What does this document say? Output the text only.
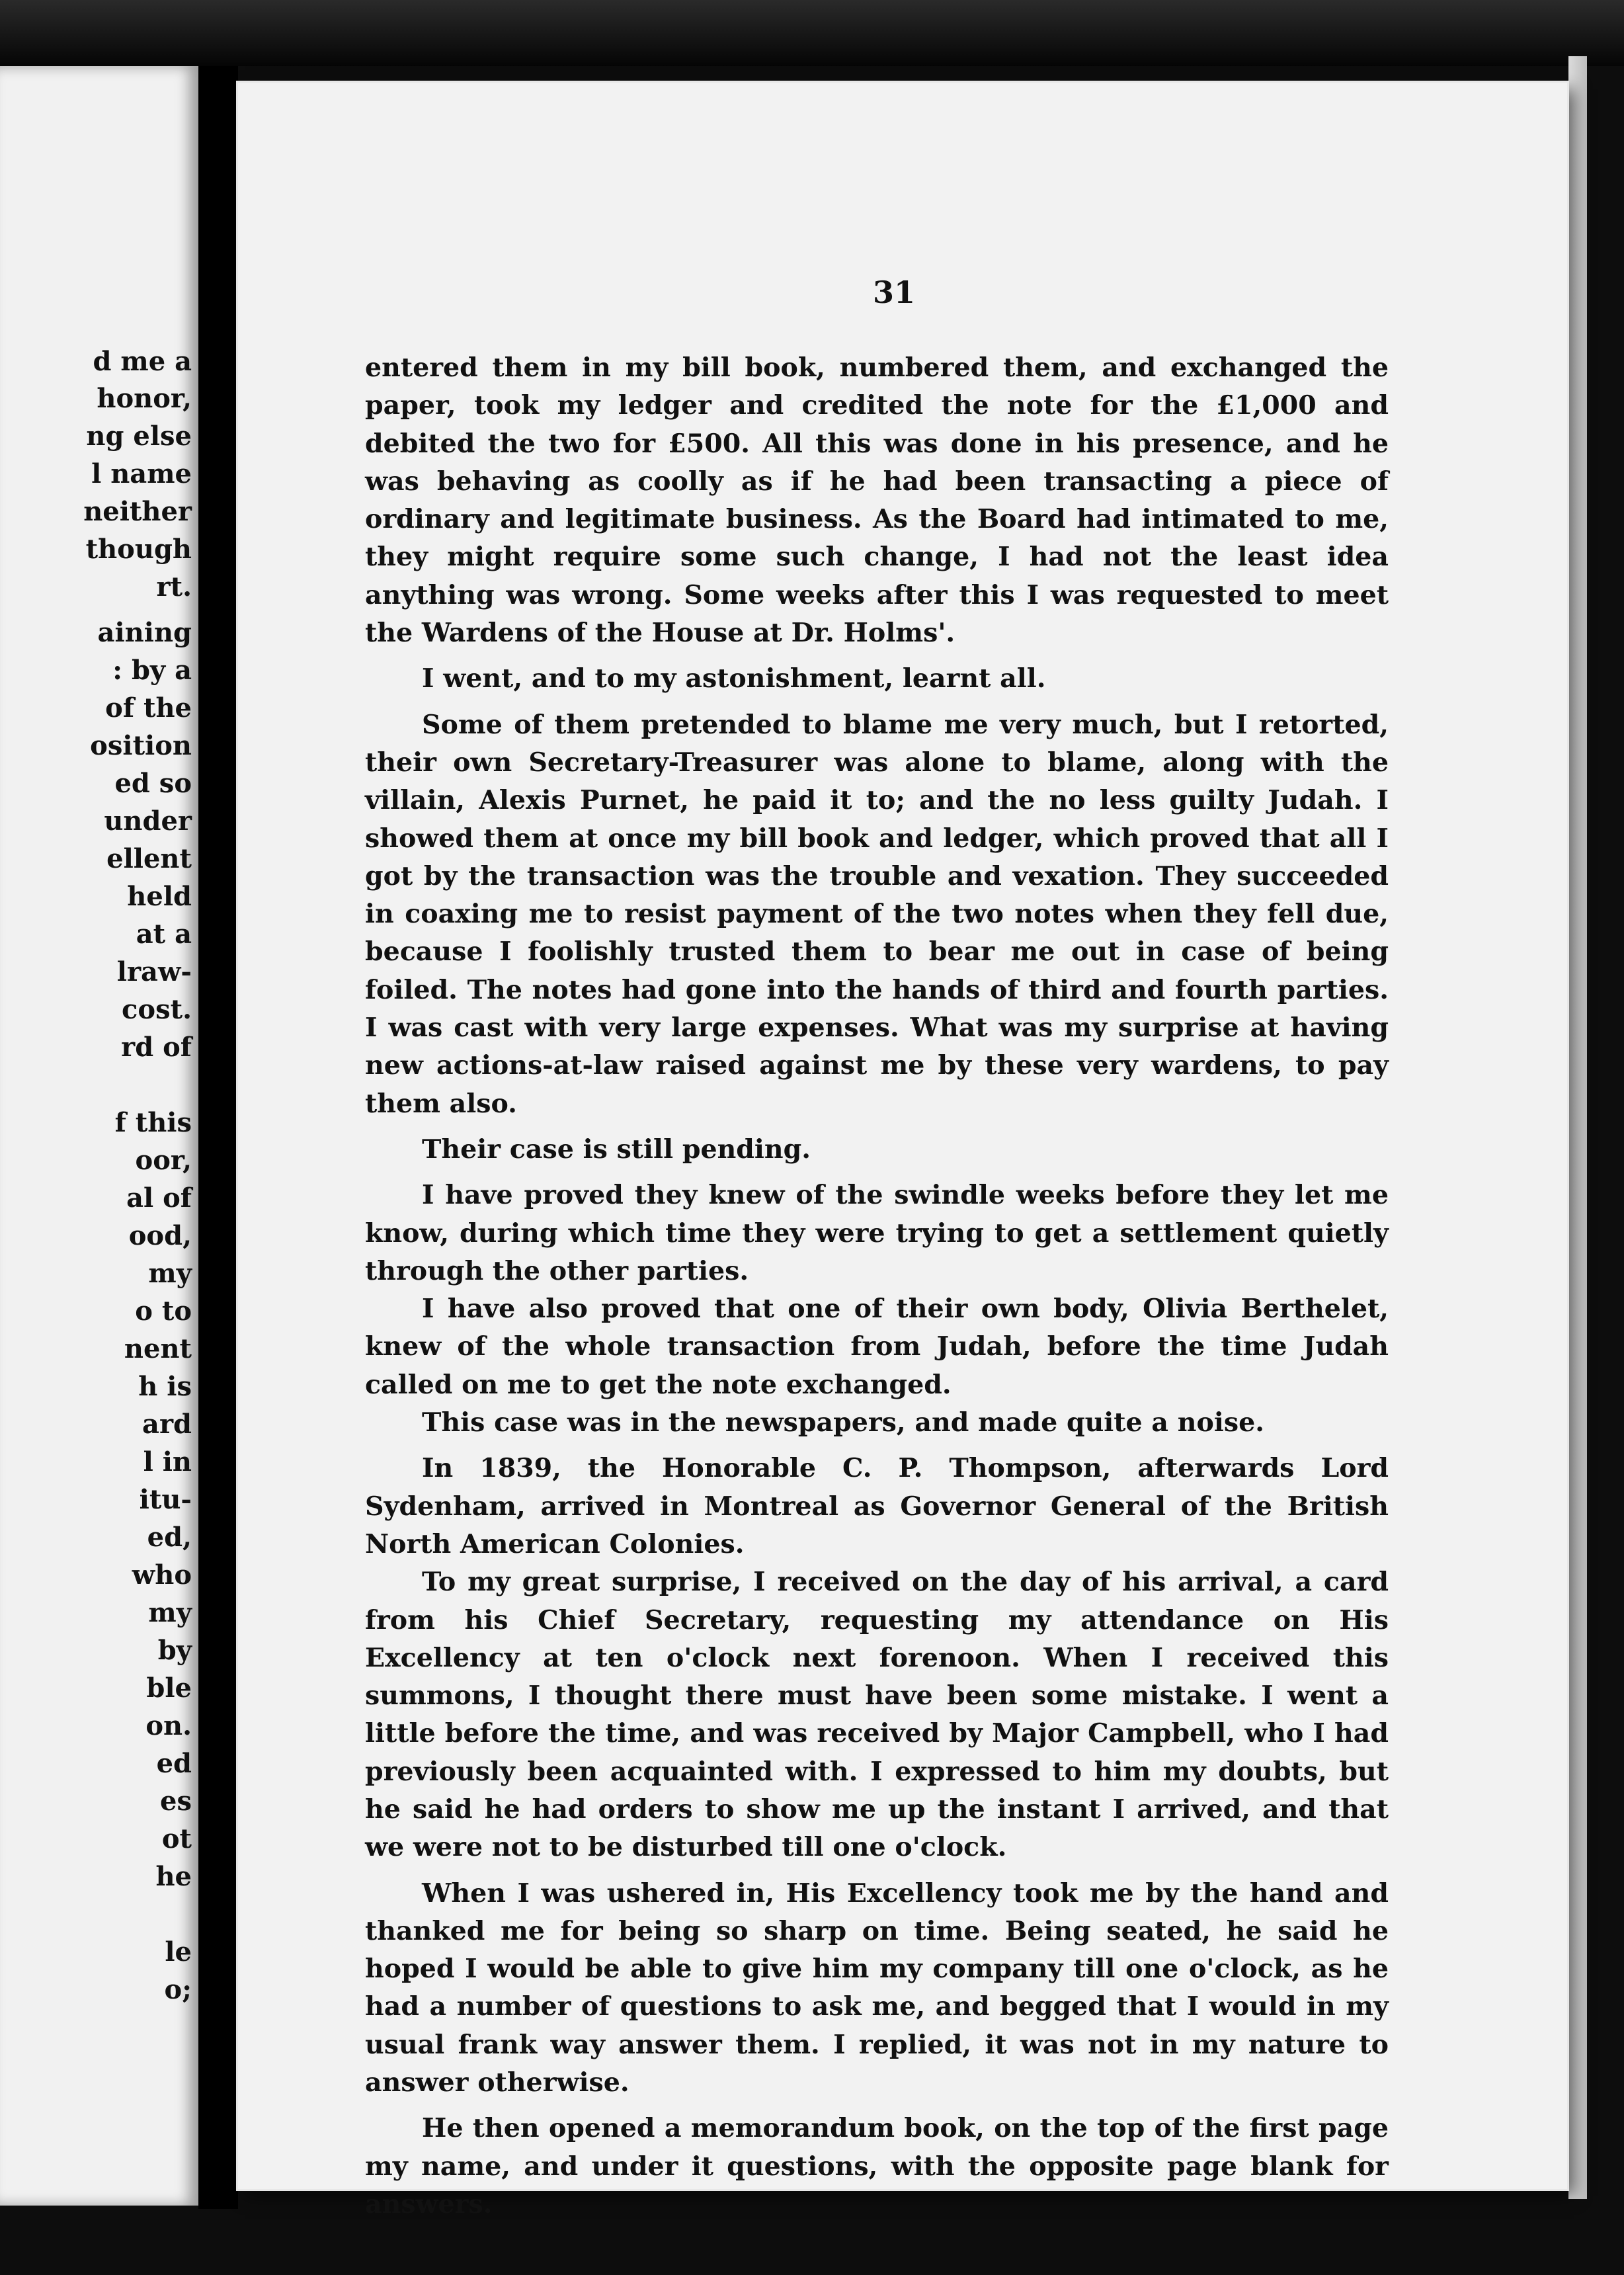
d me a

honor,

ng else

l name

neither

though

rt.

aining

: by a

of the

osition

ed so

under

ellent

held

at a

lraw-

cost.

rd of

f this

oor,

al of

ood,

my

o to

nent

h is

ard

l in

itu-

ed,

who

my

by

ble

on.

ed

es

ot

he

le

o;

31

entered them in my bill book, numbered them, and exchanged the paper, took my ledger and credited the note for the £1,000 and debited the two for £500. All this was done in his presence, and he was behaving as coolly as if he had been transacting a piece of ordinary and legitimate business. As the Board had intimated to me, they might require some such change, I had not the least idea anything was wrong. Some weeks after this I was requested to meet the Wardens of the House at Dr. Holms'.

I went, and to my astonishment, learnt all.

Some of them pretended to blame me very much, but I retorted, their own Secretary-Treasurer was alone to blame, along with the villain, Alexis Purnet, he paid it to; and the no less guilty Judah. I showed them at once my bill book and ledger, which proved that all I got by the transaction was the trouble and vexation. They succeeded in coaxing me to resist payment of the two notes when they fell due, because I foolishly trusted them to bear me out in case of being foiled. The notes had gone into the hands of third and fourth parties. I was cast with very large expenses. What was my surprise at having new actions-at-law raised against me by these very wardens, to pay them also.

Their case is still pending.

I have proved they knew of the swindle weeks before they let me know, during which time they were trying to get a settlement quietly through the other parties.

I have also proved that one of their own body, Olivia Berthelet, knew of the whole transaction from Judah, before the time Judah called on me to get the note exchanged.

This case was in the newspapers, and made quite a noise.

In 1839, the Honorable C. P. Thompson, afterwards Lord Sydenham, arrived in Montreal as Governor General of the British North American Colonies.

To my great surprise, I received on the day of his arrival, a card from his Chief Secretary, requesting my attendance on His Excellency at ten o'clock next forenoon. When I received this summons, I thought there must have been some mistake. I went a little before the time, and was received by Major Campbell, who I had previously been acquainted with. I expressed to him my doubts, but he said he had orders to show me up the instant I arrived, and that we were not to be disturbed till one o'clock.

When I was ushered in, His Excellency took me by the hand and thanked me for being so sharp on time. Being seated, he said he hoped I would be able to give him my company till one o'clock, as he had a number of questions to ask me, and begged that I would in my usual frank way answer them. I replied, it was not in my nature to answer otherwise.

He then opened a memorandum book, on the top of the first page my name, and under it questions, with the opposite page blank for answers.
